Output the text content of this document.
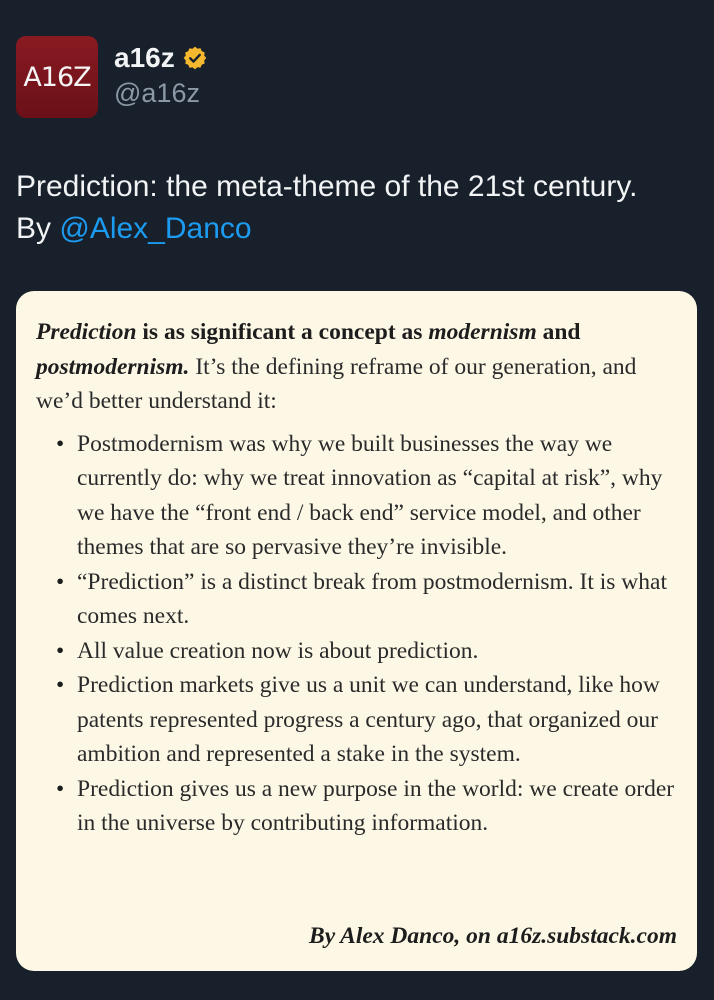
A16Z
a16z
@a16z
Prediction: the meta-theme of the 21st century.
By @Alex_Danco
Prediction is as significant a concept as modernism and postmodernism. It’s the defining reframe of our generation, and we’d better understand it:
• Postmodernism was why we built businesses the way we currently do: why we treat innovation as “capital at risk”, why we have the “front end / back end” service model, and other themes that are so pervasive they’re invisible.
• “Prediction” is a distinct break from postmodernism. It is what comes next.
• All value creation now is about prediction.
• Prediction markets give us a unit we can understand, like how patents represented progress a century ago, that organized our ambition and represented a stake in the system.
• Prediction gives us a new purpose in the world: we create order in the universe by contributing information.
By Alex Danco, on a16z.substack.com
